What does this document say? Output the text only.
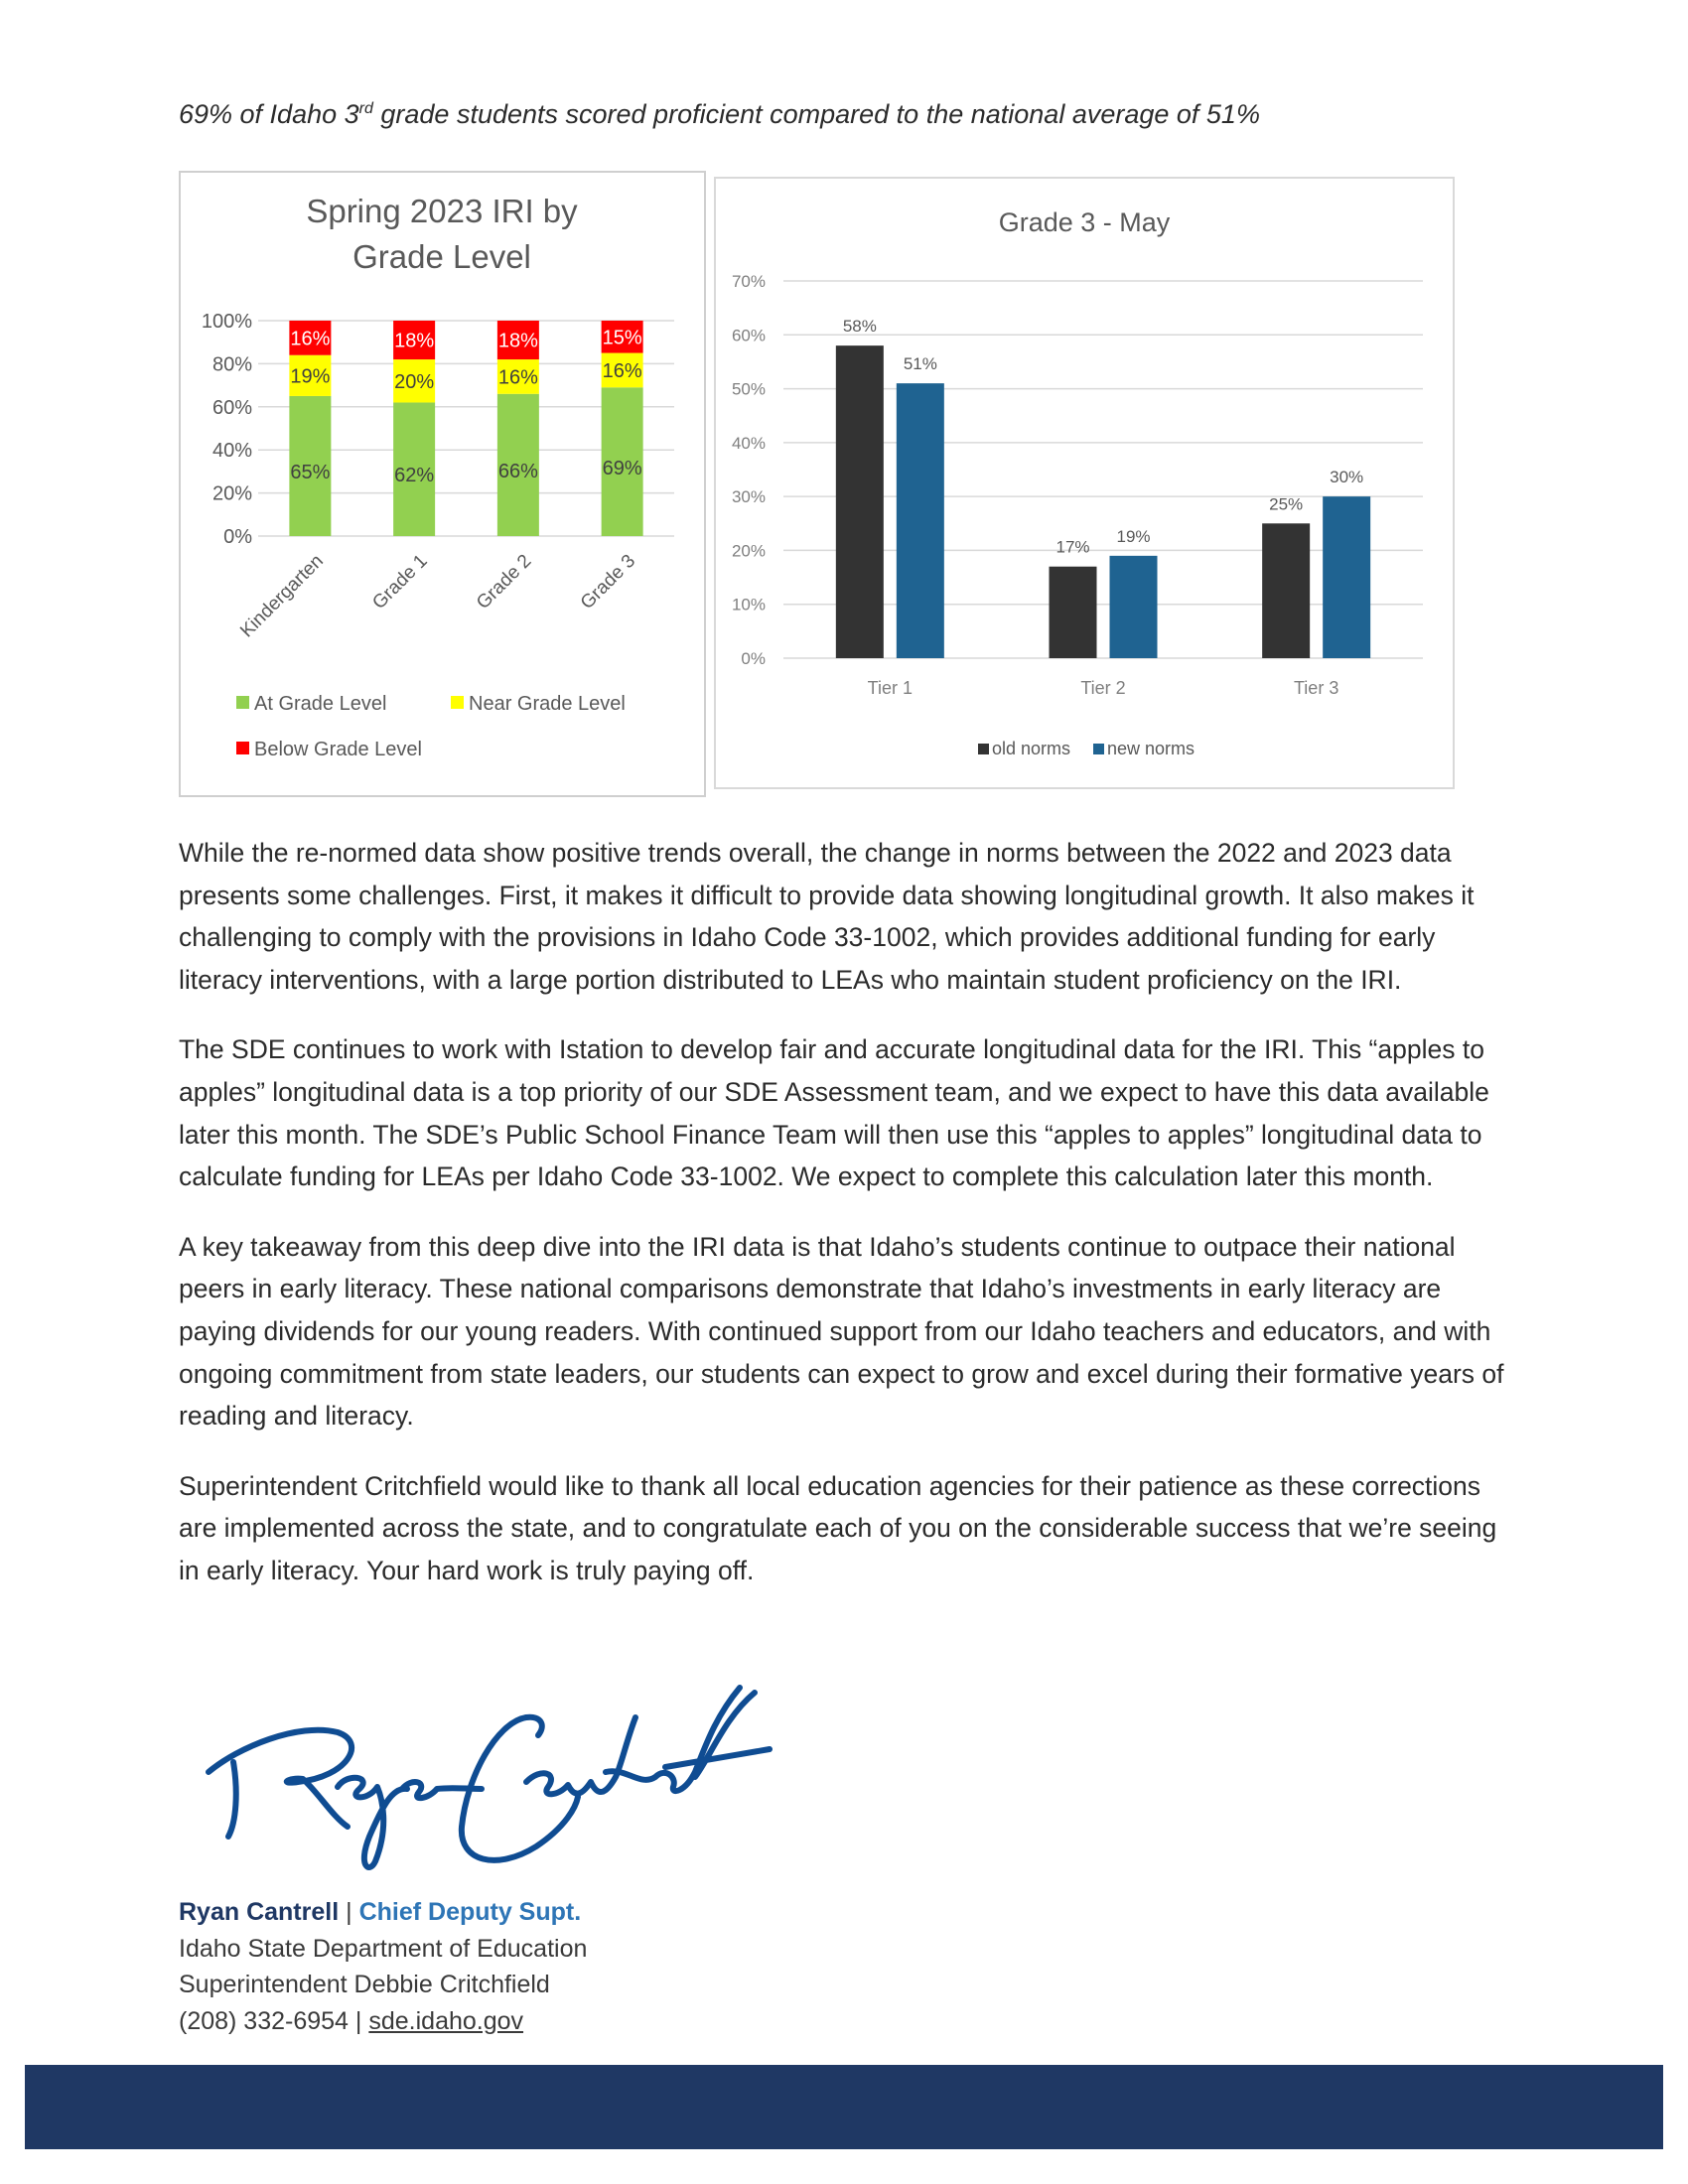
69% of Idaho 3rd grade students scored proficient compared to the national average of 51%
Spring 2023 IRI by
Grade Level
0%
20%
40%
60%
80%
100%
65%
19%
16%
Kindergarten
62%
20%
18%
Grade 1
66%
16%
18%
Grade 2
69%
16%
15%
Grade 3
At Grade Level	Near Grade Level
Below Grade Level
Grade 3 - May
0%
10%
20%
30%
40%
50%
60%
70%
58%
51%
Tier 1
17%
19%
Tier 2
25%
30%
Tier 3
old norms new norms

While the re-normed data show positive trends overall, the change in norms between the 2022 and 2023 data presents some challenges. First, it makes it difficult to provide data showing longitudinal growth. It also makes it challenging to comply with the provisions in Idaho Code 33-1002, which provides additional funding for early literacy interventions, with a large portion distributed to LEAs who maintain student proficiency on the IRI.

The SDE continues to work with Istation to develop fair and accurate longitudinal data for the IRI. This “apples to apples” longitudinal data is a top priority of our SDE Assessment team, and we expect to have this data available later this month. The SDE’s Public School Finance Team will then use this “apples to apples” longitudinal data to calculate funding for LEAs per Idaho Code 33-1002. We expect to complete this calculation later this month.

A key takeaway from this deep dive into the IRI data is that Idaho’s students continue to outpace their national peers in early literacy. These national comparisons demonstrate that Idaho’s investments in early literacy are paying dividends for our young readers. With continued support from our Idaho teachers and educators, and with ongoing commitment from state leaders, our students can expect to grow and excel during their formative years of reading and literacy.

Superintendent Critchfield would like to thank all local education agencies for their patience as these corrections are implemented across the state, and to congratulate each of you on the considerable success that we’re seeing in early literacy. Your hard work is truly paying off.

Ryan Cantrell | Chief Deputy Supt.
Idaho State Department of Education
Superintendent Debbie Critchfield
(208) 332-6954 | sde.idaho.gov
